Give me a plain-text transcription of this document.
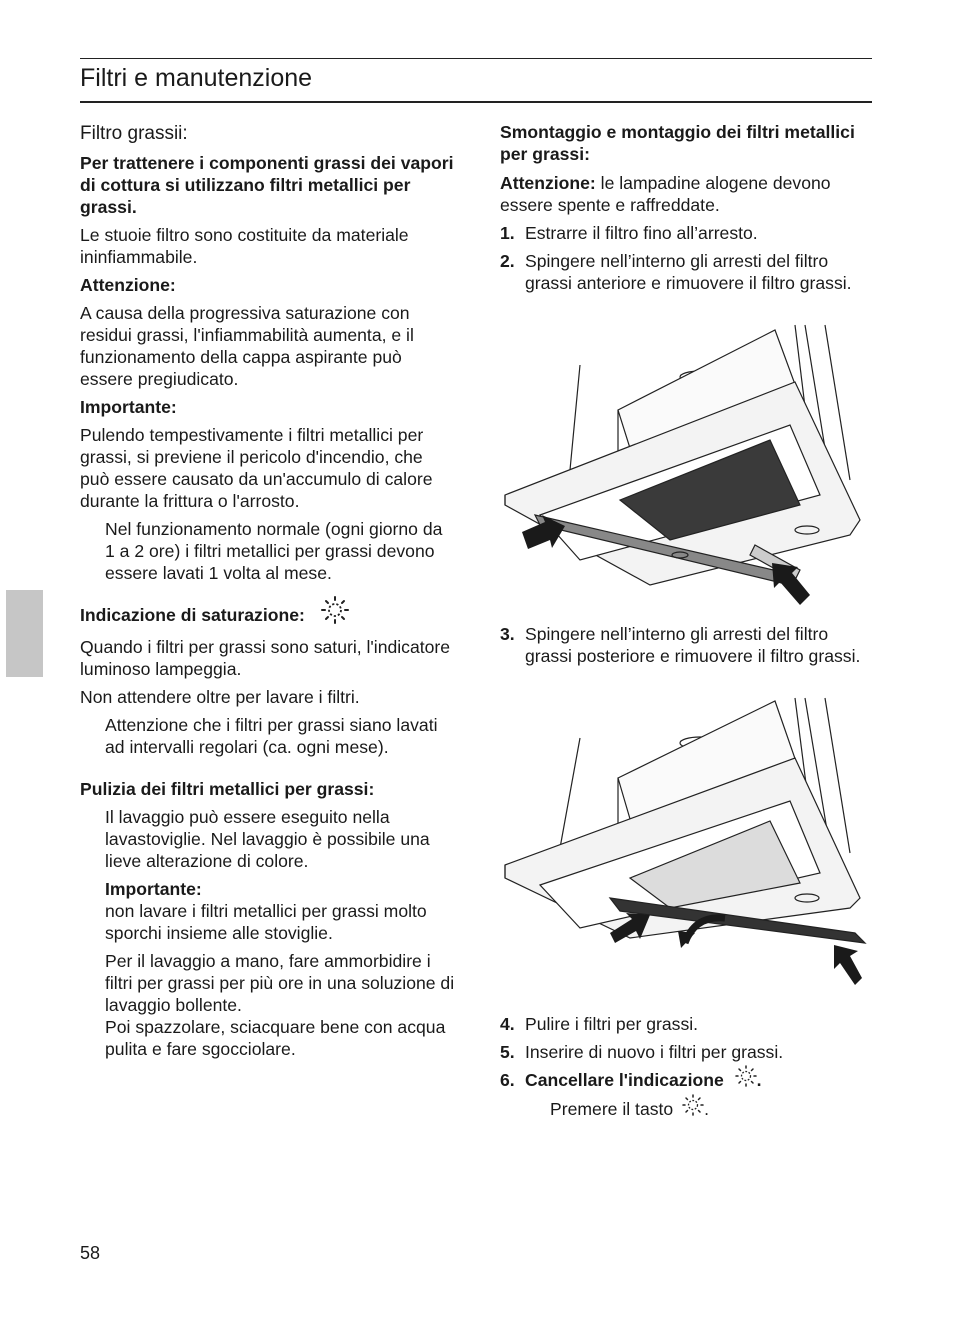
Filtri e manutenzione

Filtro grassii:

Per trattenere i componenti grassi dei vapori di cottura si utilizzano filtri metallici per grassi.

Le stuoie filtro sono costituite da materiale ininfiammabile.

Attenzione:

A causa della progressiva saturazione con residui grassi, l'infiammabilità aumenta, e il funzionamento della cappa aspirante può essere pregiudicato.

Importante:

Pulendo tempestivamente i filtri metallici per grassi, si previene il pericolo d'incendio, che può essere causato da un'accumulo di calore durante la frittura o l'arrosto.

Nel funzionamento normale (ogni giorno da 1 a 2 ore) i filtri metallici per grassi devono essere lavati 1 volta al mese.

Indicazione di saturazione:

Quando i filtri per grassi sono saturi, l'indicatore luminoso lampeggia.

Non attendere oltre per lavare i filtri.

Attenzione che i filtri per grassi siano lavati ad intervalli regolari (ca. ogni mese).

Pulizia dei filtri metallici per grassi:

Il lavaggio può essere eseguito nella lavastoviglie. Nel lavaggio è possibile una lieve alterazione di colore.

Importante:

non lavare i filtri metallici per grassi molto sporchi insieme alle stoviglie.

Per il lavaggio a mano, fare ammorbidire i filtri per grassi per più ore in una soluzione di lavaggio bollente.

Poi spazzolare, sciacquare bene con acqua pulita e fare sgocciolare.

Smontaggio e montaggio dei filtri metallici per grassi:

Attenzione: le lampadine alogene devono essere spente e raffreddate.

1. Estrarre il filtro fino all’arresto.
2. Spingere nell’interno gli arresti del filtro grassi anteriore e rimuovere il filtro grassi.
3. Spingere nell’interno gli arresti del filtro grassi posteriore e rimuovere il filtro grassi.
4. Pulire i filtri per grassi.
5. Inserire di nuovo i filtri per grassi.
6. Cancellare l'indicazione .
Premere il tasto .
58
